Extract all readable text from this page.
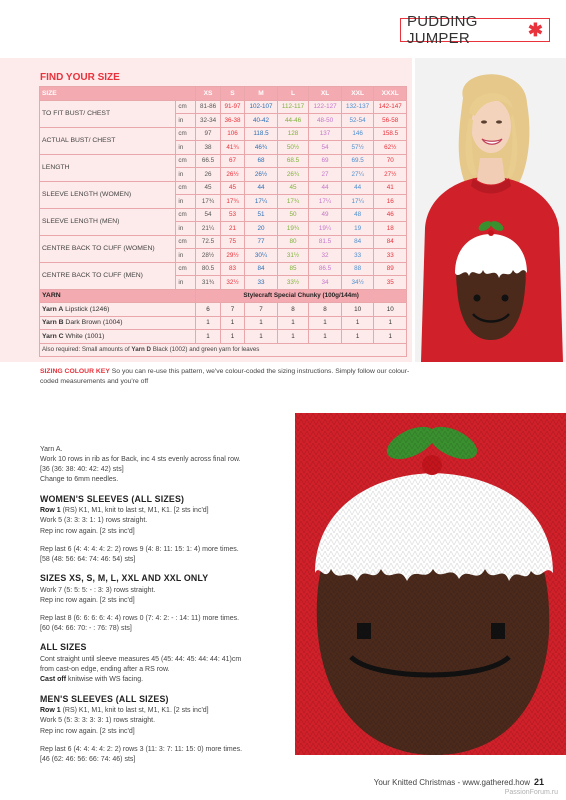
PUDDING JUMPER	✱
FIND YOUR SIZE
SIZE		XS	S	M	L	XL	XXL	XXXL
TO FIT BUST/ CHEST	cm	81-86	91-97	102-107	112-117	122-127	132-137	142-147
	in	32-34	36-38	40-42	44-46	48-50	52-54	56-58
ACTUAL BUST/ CHEST	cm	97	106	118.5	128	137	146	158.5
	in	38	41¾	46¾	50½	54	57½	62½
LENGTH	cm	66.5	67	68	68.5	69	69.5	70
	in	26	26½	26½	26¾	27	27¼	27½
SLEEVE LENGTH (WOMEN)	cm	45	45	44	45	44	44	41
	in	17¾	17¾	17¼	17¾	17¼	17¼	16
SLEEVE LENGTH (MEN)	cm	54	53	51	50	49	48	46
	in	21¼	21	20	19¾	19¼	19	18
CENTRE BACK TO CUFF (WOMEN)	cm	72.5	75	77	80	81.5	84	84
	in	28½	29½	30¼	31½	32	33	33
CENTRE BACK TO CUFF (MEN)	cm	80.5	83	84	85	86.5	88	89
	in	31¾	32½	33	33½	34	34½	35
YARN		Stylecraft Special Chunky (100g/144m)						
Yarn A Lipstick (1246)		6	7	7	8	8	10	10
Yarn B Dark Brown (1004)		1	1	1	1	1	1	1
Yarn C White (1001)		1	1	1	1	1	1	1
Also required: Small amounts of Yarn D Black (1002) and green yarn for leaves								
SIZING COLOUR KEY So you can re-use this pattern, we've colour-coded the sizing instructions. Simply follow our colour-coded measurements and you're off
Yarn A.
Work 10 rows in rib as for Back, inc 4 sts evenly across final row.
[36 (36: 38: 40: 42: 42) sts]
Change to 6mm needles.
WOMEN'S SLEEVES (ALL SIZES)
Row 1 (RS) K1, M1, knit to last st, M1, K1. [2 sts inc'd]
Work 5 (3: 3: 3: 1: 1) rows straight.
Rep inc row again. [2 sts inc'd]
Rep last 6 (4: 4: 4: 4: 2: 2) rows 9 (4: 8: 11: 15: 1: 4) more times.
[58 (48: 56: 64: 74: 46: 54) sts]
SIZES XS, S, M, L, XXL AND XXL ONLY
Work 7 (5: 5: 5: - : 3: 3) rows straight.
Rep inc row again. [2 sts inc'd]
Rep last 8 (6: 6: 6: 6: 4: 4) rows 0 (7: 4: 2: - : 14: 11) more times.
[60 (64: 66: 70: - : 76: 78) sts]
ALL SIZES
Cont straight until sleeve measures 45 (45: 44: 45: 44: 44: 41)cm
from cast-on edge, ending after a RS row.
Cast off knitwise with WS facing.
MEN'S SLEEVES (ALL SIZES)
Row 1 (RS) K1, M1, knit to last st, M1, K1. [2 sts inc'd]
Work 5 (5: 3: 3: 3: 3: 1) rows straight.
Rep inc row again. [2 sts inc'd]
Rep last 6 (4: 4: 4: 4: 2: 2) rows 3 (11: 3: 7: 11: 15: 0) more times.
[46 (62: 46: 56: 66: 74: 46) sts]
Your Knitted Christmas - www.gathered.how 21
PassionForum.ru
